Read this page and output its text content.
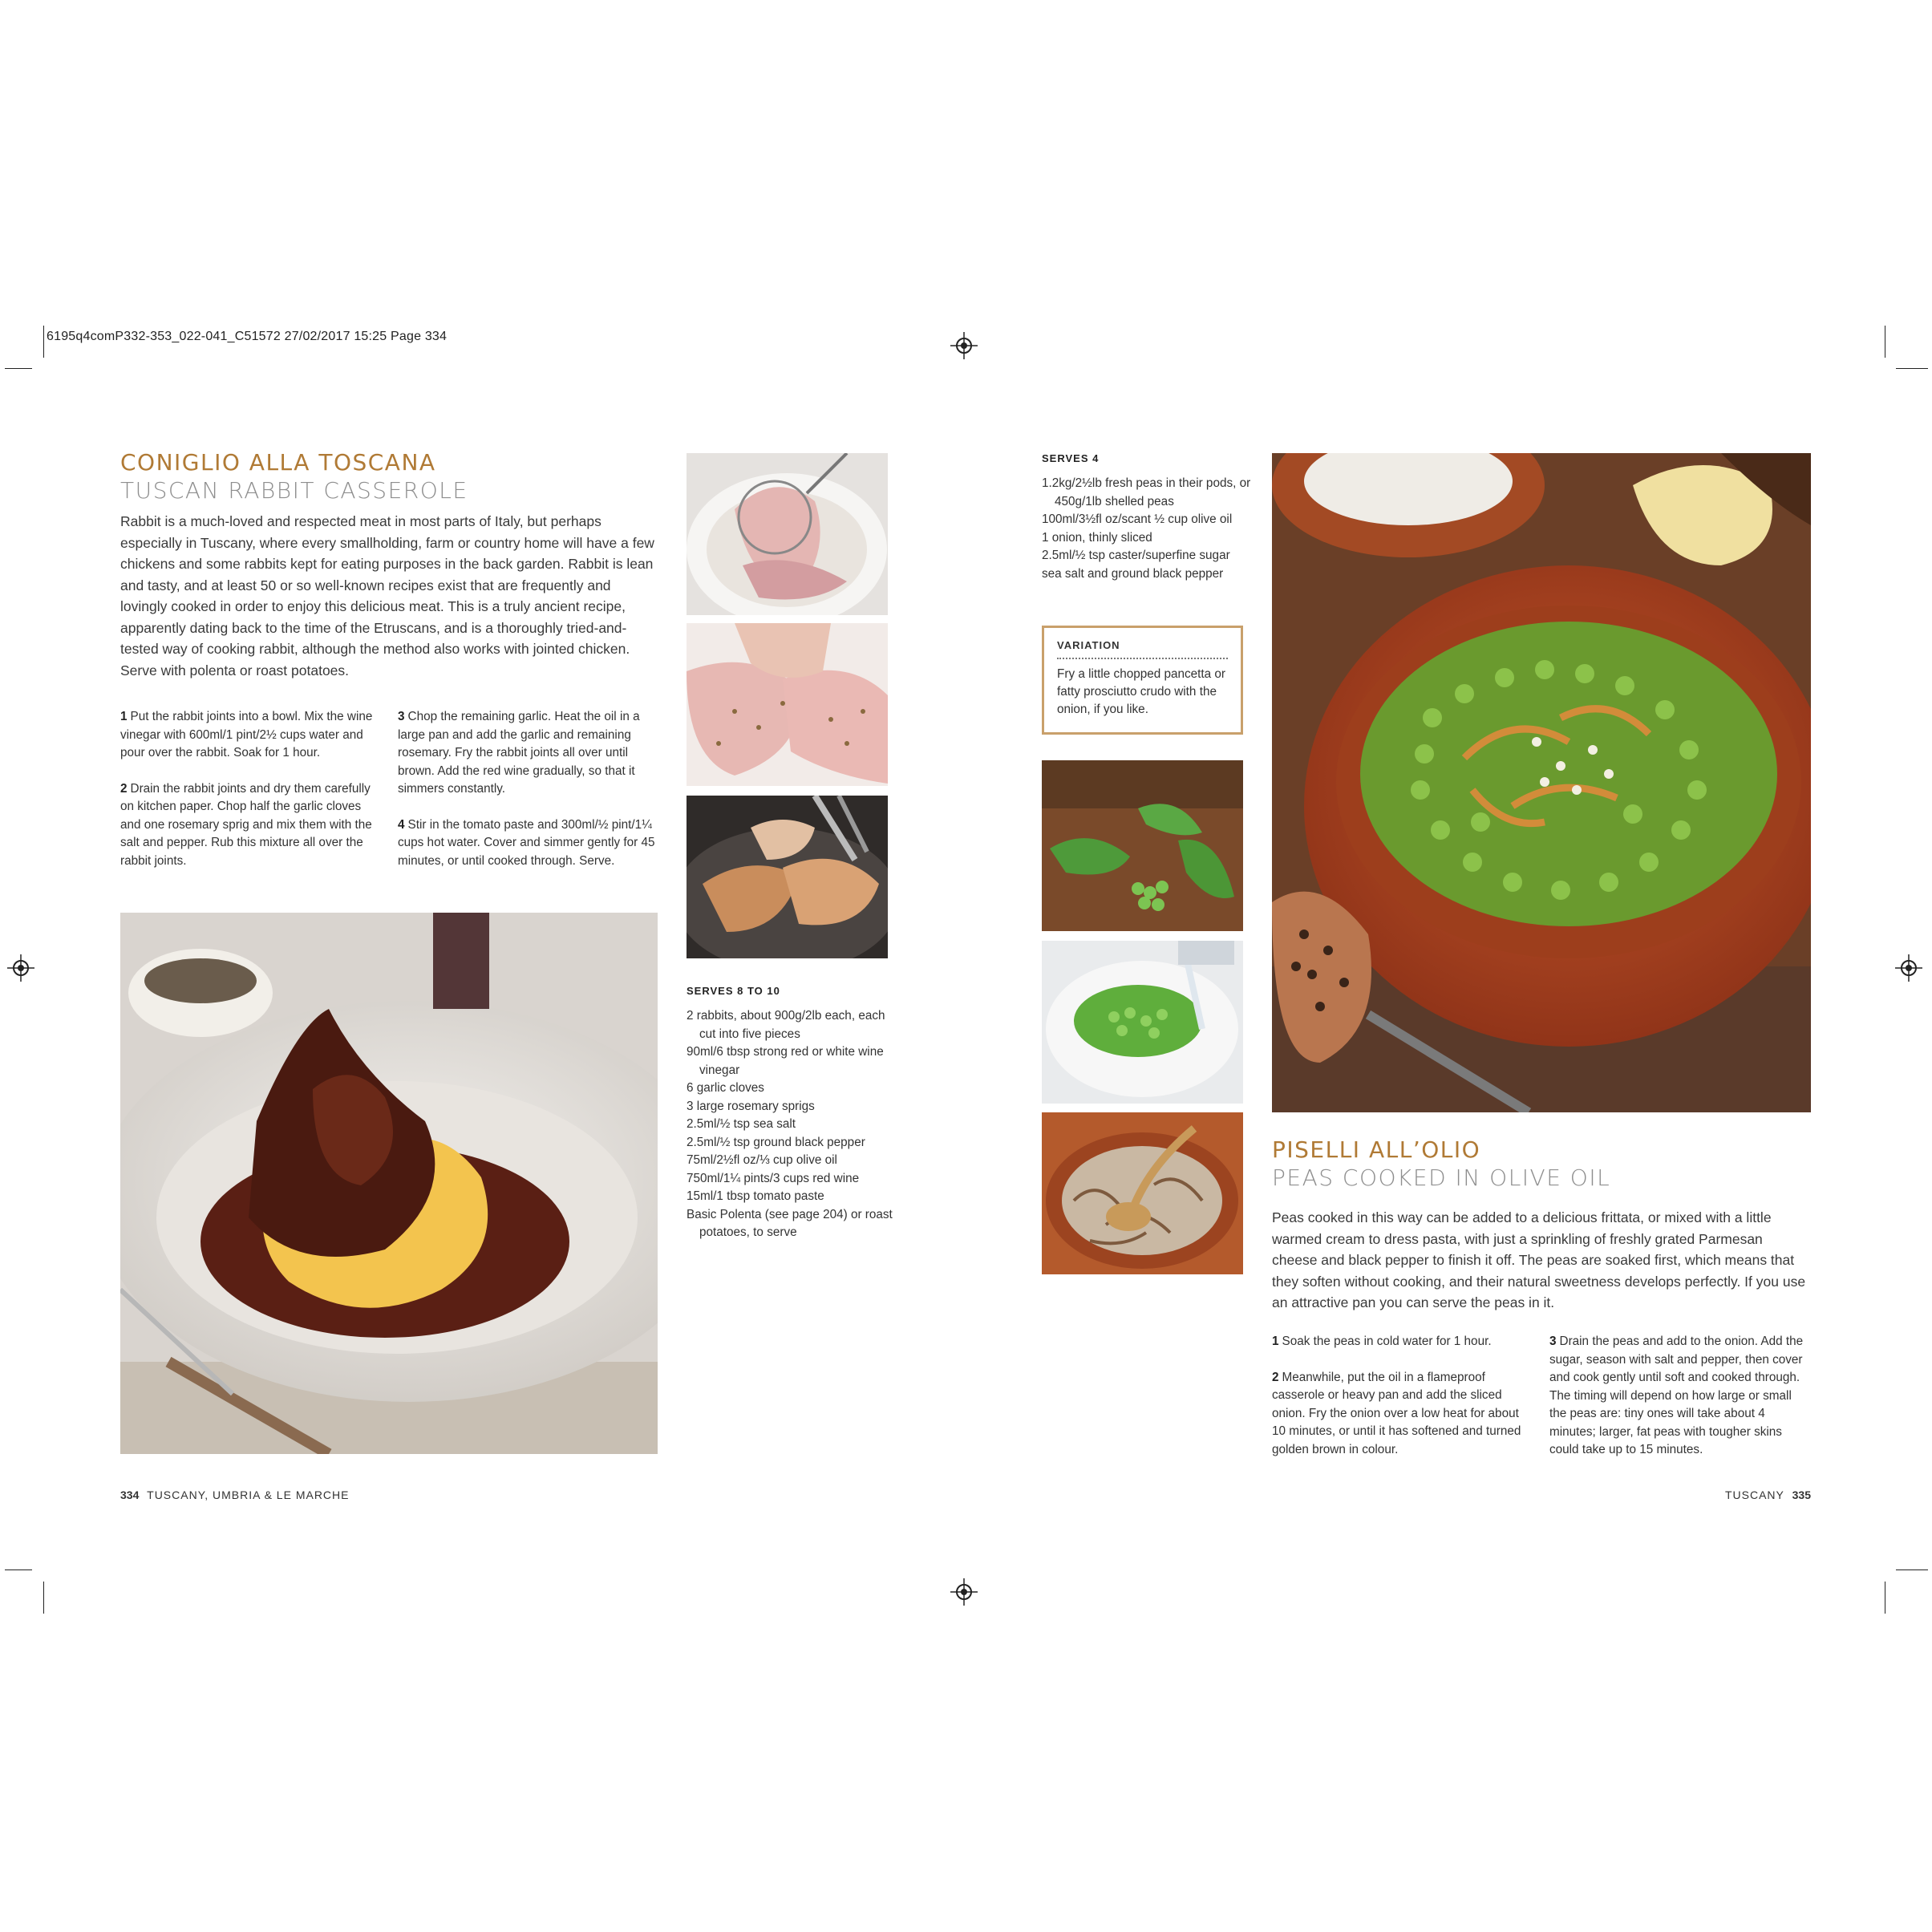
6195q4comP332-353_022-041_C51572 27/02/2017 15:25 Page 334
CONIGLIO ALLA TOSCANA
TUSCAN RABBIT CASSEROLE

Rabbit is a much-loved and respected meat in most parts of Italy, but perhaps especially in Tuscany, where every smallholding, farm or country home will have a few chickens and some rabbits kept for eating purposes in the back garden. Rabbit is lean and tasty, and at least 50 or so well-known recipes exist that are frequently and lovingly cooked in order to enjoy this delicious meat. This is a truly ancient recipe, apparently dating back to the time of the Etruscans, and is a thoroughly tried-and-tested way of cooking rabbit, although the method also works with jointed chicken. Serve with polenta or roast potatoes.

1 Put the rabbit joints into a bowl. Mix the wine vinegar with 600ml/1 pint/2½ cups water and pour over the rabbit. Soak for 1 hour.

2 Drain the rabbit joints and dry them carefully on kitchen paper. Chop half the garlic cloves and one rosemary sprig and mix them with the salt and pepper. Rub this mixture all over the rabbit joints.

3 Chop the remaining garlic. Heat the oil in a large pan and add the garlic and remaining rosemary. Fry the rabbit joints all over until brown. Add the red wine gradually, so that it simmers constantly.

4 Stir in the tomato paste and 300ml/½ pint/1¼ cups hot water. Cover and simmer gently for 45 minutes, or until cooked through. Serve.

SERVES 8 TO 10
2 rabbits, about 900g/2lb each, each cut into five pieces
90ml/6 tbsp strong red or white wine vinegar
6 garlic cloves
3 large rosemary sprigs
2.5ml/½ tsp sea salt
2.5ml/½ tsp ground black pepper
75ml/2½fl oz/⅓ cup olive oil
750ml/1¼ pints/3 cups red wine
15ml/1 tbsp tomato paste
Basic Polenta (see page 204) or roast potatoes, to serve
334 TUSCANY, UMBRIA & LE MARCHE
SERVES 4
1.2kg/2½lb fresh peas in their pods, or 450g/1lb shelled peas
100ml/3½fl oz/scant ½ cup olive oil
1 onion, thinly sliced
2.5ml/½ tsp caster/superfine sugar
sea salt and ground black pepper
VARIATION
Fry a little chopped pancetta or fatty prosciutto crudo with the onion, if you like.
PISELLI ALL’OLIO
PEAS COOKED IN OLIVE OIL

Peas cooked in this way can be added to a delicious frittata, or mixed with a little warmed cream to dress pasta, with just a sprinkling of freshly grated Parmesan cheese and black pepper to finish it off. The peas are soaked first, which means that they soften without cooking, and their natural sweetness develops perfectly. If you use an attractive pan you can serve the peas in it.

1 Soak the peas in cold water for 1 hour.

2 Meanwhile, put the oil in a flameproof casserole or heavy pan and add the sliced onion. Fry the onion over a low heat for about 10 minutes, or until it has softened and turned golden brown in colour.

3 Drain the peas and add to the onion. Add the sugar, season with salt and pepper, then cover and cook gently until soft and cooked through. The timing will depend on how large or small the peas are: tiny ones will take about 4 minutes; larger, fat peas with tougher skins could take up to 15 minutes.

TUSCANY 335
